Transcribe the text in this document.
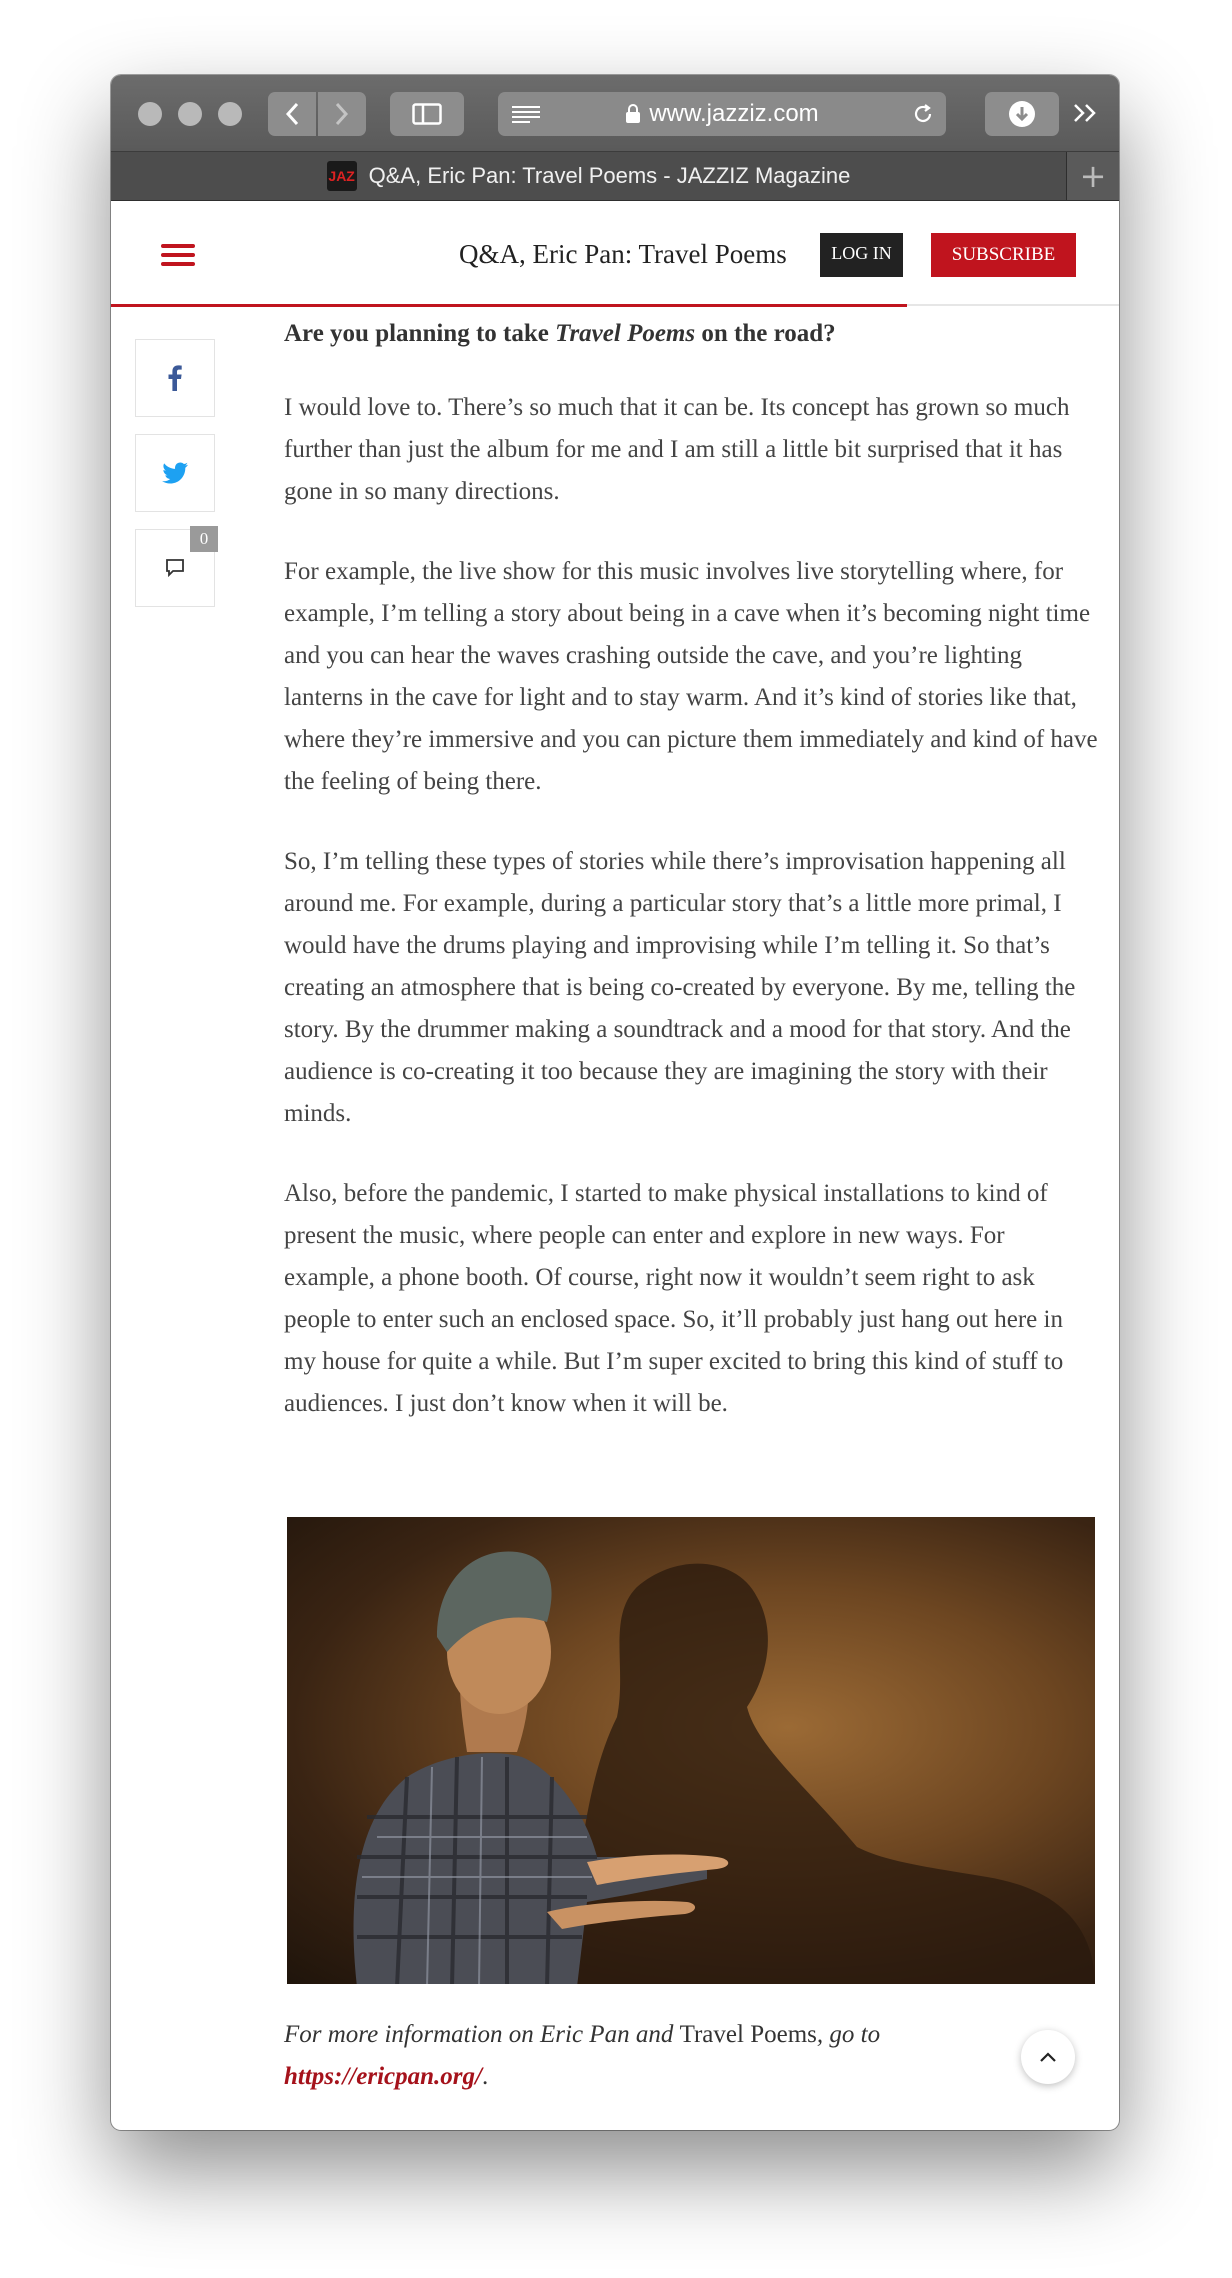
www.jazziz.com
JAZ Q&A, Eric Pan: Travel Poems - JAZZIZ Magazine	+
Q&A, Eric Pan: Travel Poems	LOG IN	SUBSCRIBE
0

Are you planning to take Travel Poems on the road?

I would love to. There’s so much that it can be. Its concept has grown so much further than just the album for me and I am still a little bit surprised that it has gone in so many directions.

For example, the live show for this music involves live storytelling where, for example, I’m telling a story about being in a cave when it’s becoming night time and you can hear the waves crashing outside the cave, and you’re lighting lanterns in the cave for light and to stay warm. And it’s kind of stories like that, where they’re immersive and you can picture them immediately and kind of have the feeling of being there.

So, I’m telling these types of stories while there’s improvisation happening all around me. For example, during a particular story that’s a little more primal, I would have the drums playing and improvising while I’m telling it. So that’s creating an atmosphere that is being co-created by everyone. By me, telling the story. By the drummer making a soundtrack and a mood for that story. And the audience is co-creating it too because they are imagining the story with their minds.

Also, before the pandemic, I started to make physical installations to kind of present the music, where people can enter and explore in new ways. For example, a phone booth. Of course, right now it wouldn’t seem right to ask people to enter such an enclosed space. So, it’ll probably just hang out here in my house for quite a while. But I’m super excited to bring this kind of stuff to audiences. I just don’t know when it will be.

For more information on Eric Pan and Travel Poems, go to
https://ericpan.org/.
